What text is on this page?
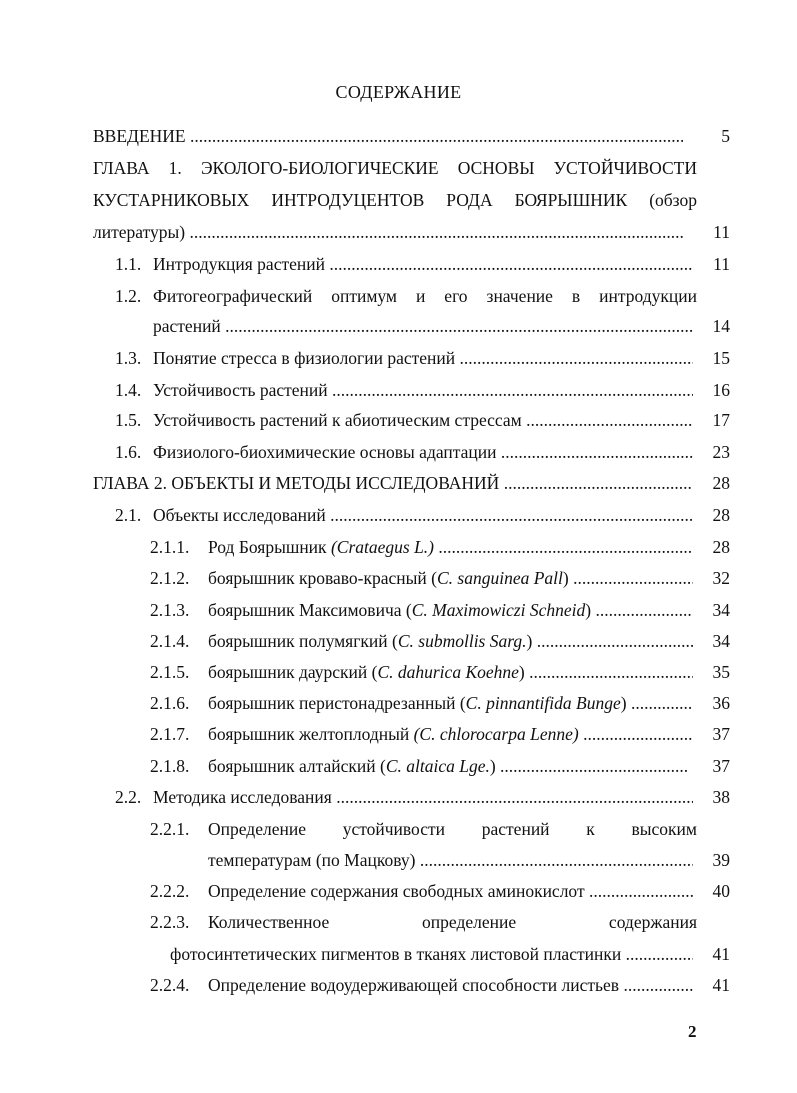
СОДЕРЖАНИЕ
ВВЕДЕНИЕ .....	5
ГЛАВА 1. ЭКОЛОГО-БИОЛОГИЧЕСКИЕ ОСНОВЫ УСТОЙЧИВОСТИ
КУСТАРНИКОВЫХ ИНТРОДУЦЕНТОВ РОДА БОЯРЫШНИК (обзор
литературы) .....	11
1.1. Интродукция растений .....	11
1.2. Фитогеографический оптимум и его значение в интродукции
растений .....	14
1.3. Понятие стресса в физиологии растений .....	15
1.4. Устойчивость растений .....	16
1.5. Устойчивость растений к абиотическим стрессам .....	17
1.6. Физиолого-биохимические основы адаптации .....	23
ГЛАВА 2. ОБЪЕКТЫ И МЕТОДЫ ИССЛЕДОВАНИЙ .....	28
2.1. Объекты исследований .....	28
2.1.1.	Род Боярышник (Crataegus L.) .....	28
2.1.2.	боярышник кроваво-красный (C. sanguinea Pall) .....	32
2.1.3.	боярышник Максимовича (C. Maximowiczi Schneid) .....	34
2.1.4.	боярышник полумягкий (C. submollis Sarg.) .....	34
2.1.5.	боярышник даурский (C. dahurica Koehne) .....	35
2.1.6.	боярышник перистонадрезанный (C. pinnantifida Bunge) .....	36
2.1.7.	боярышник желтоплодный (C. chlorocarpa Lenne) .....	37
2.1.8.	боярышник алтайский (C. altaica Lge.) .....	37
2.2. Методика исследования .....	38
2.2.1.	Определение устойчивости растений к высоким
температурам (по Мацкову) .....	39
2.2.2.	Определение содержания свободных аминокислот .....	40
2.2.3.	Количественное определение содержания
фотосинтетических пигментов в тканях листовой пластинки .....	41
2.2.4.	Определение водоудерживающей способности листьев .....	41
2
